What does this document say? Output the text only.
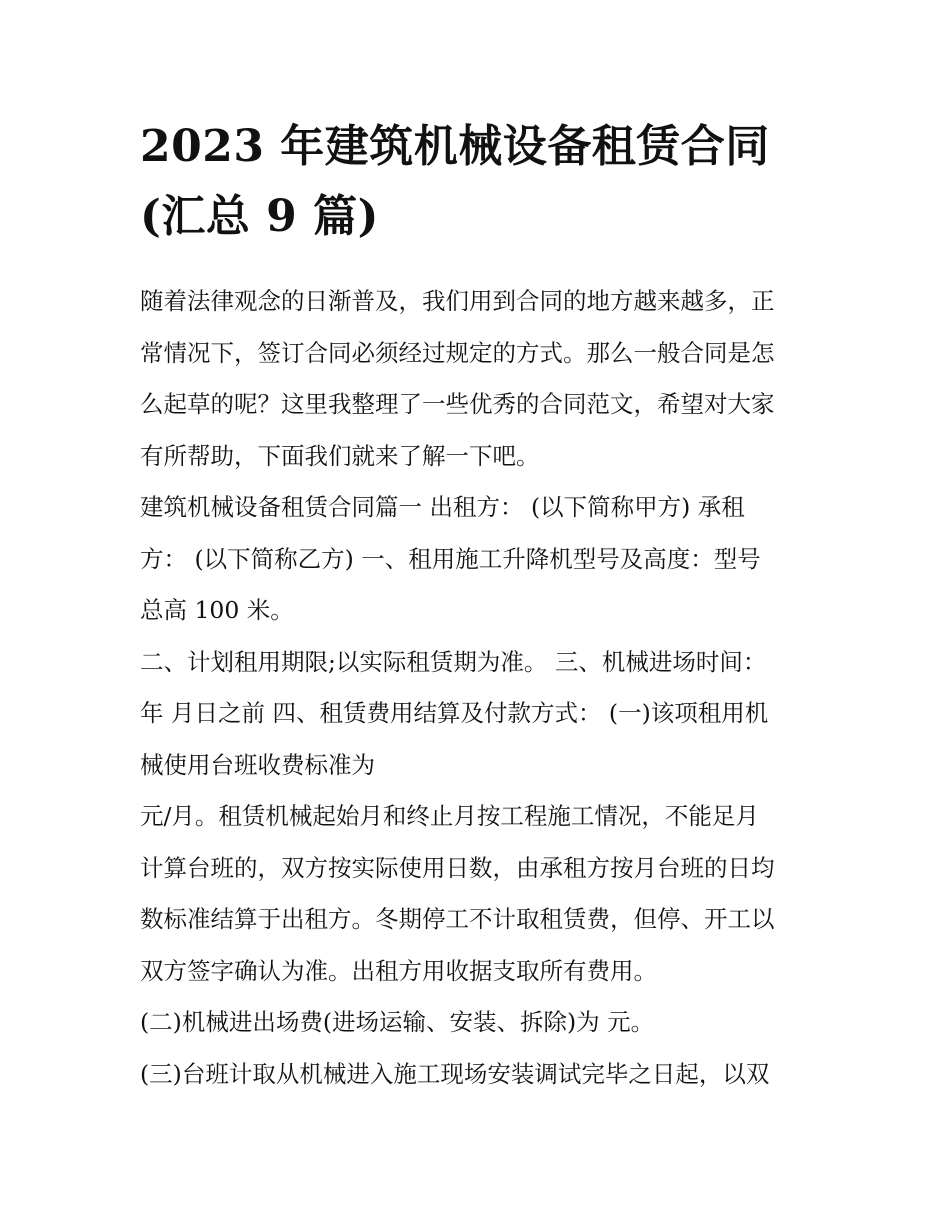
2023 年建筑机械设备租赁合同
(汇总 9 篇)

随着法律观念的日渐普及，我们用到合同的地方越来越多，正
常情况下，签订合同必须经过规定的方式。那么一般合同是怎
么起草的呢？这里我整理了一些优秀的合同范文，希望对大家
有所帮助，下面我们就来了解一下吧。

建筑机械设备租赁合同篇一 出租方： (以下简称甲方) 承租
方： (以下简称乙方) 一、租用施工升降机型号及高度：型号
总高 100 米。

二、计划租用期限;以实际租赁期为准。 三、机械进场时间：
年 月日之前 四、租赁费用结算及付款方式： (一)该项租用机
械使用台班收费标准为

元/月。租赁机械起始月和终止月按工程施工情况，不能足月
计算台班的，双方按实际使用日数，由承租方按月台班的日均
数标准结算于出租方。冬期停工不计取租赁费，但停、开工以
双方签字确认为准。出租方用收据支取所有费用。

(二)机械进出场费(进场运输、安装、拆除)为 元。

(三)台班计取从机械进入施工现场安装调试完毕之日起，以双
